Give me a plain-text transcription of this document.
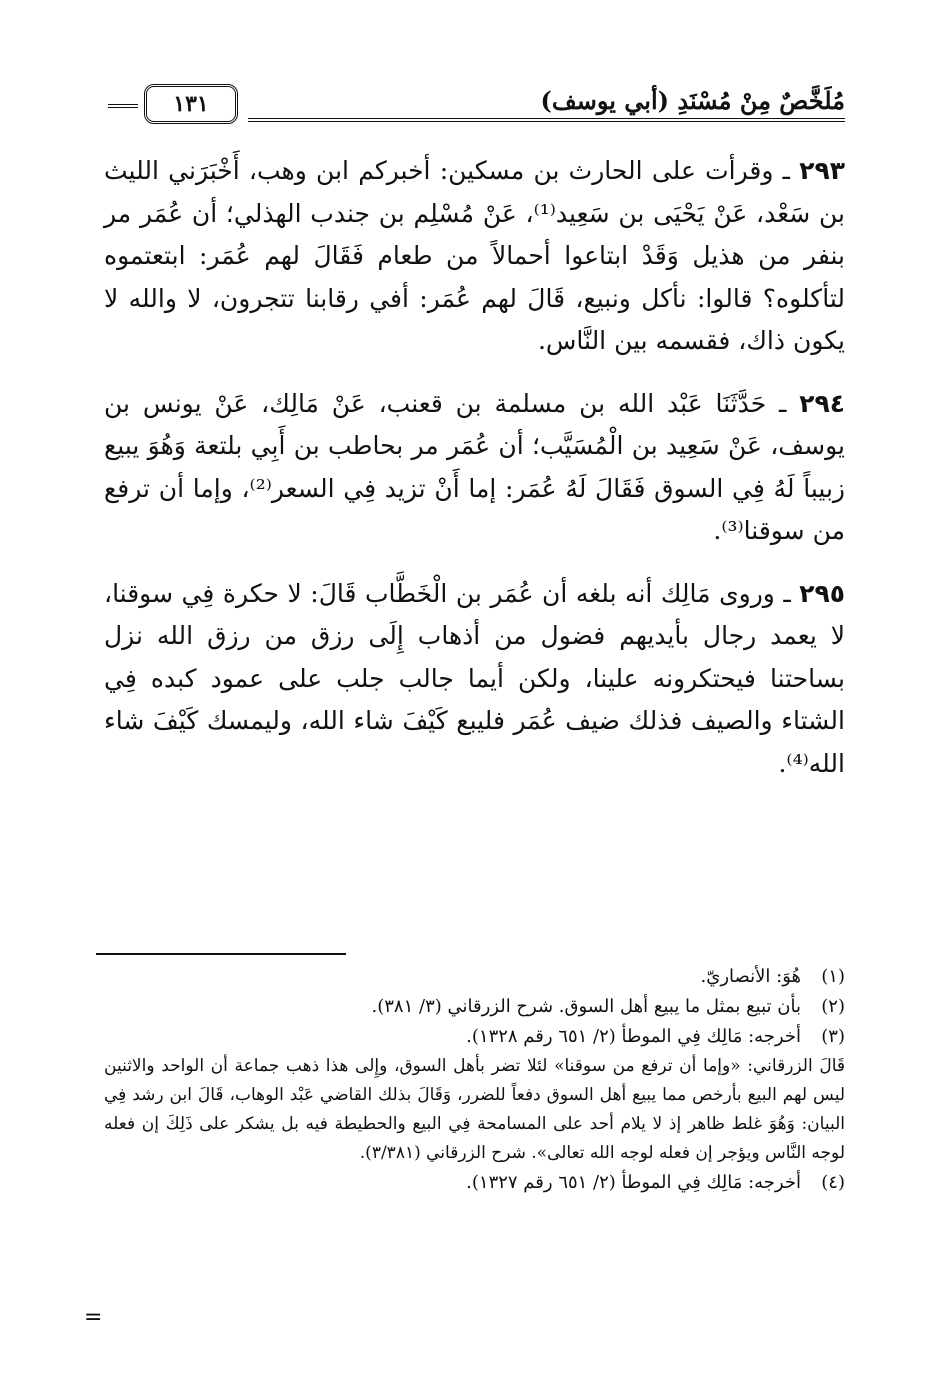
مُلَخَّصٌ مِنْ مُسْنَدِ (أبي يوسف)
١٣١

٢٩٣ ـ وقرأت على الحارث بن مسكين: أخبركم ابن وهب، أَخْبَرَني الليث بن سَعْد، عَنْ يَحْيَى بن سَعِيد⁽¹⁾، عَنْ مُسْلِم بن جندب الهذلي؛ أن عُمَر مر بنفر من هذيل وَقَدْ ابتاعوا أحمالاً من طعام فَقَالَ لهم عُمَر: ابتعتموه لتأكلوه؟ قالوا: نأكل ونبيع، قَالَ لهم عُمَر: أفي رقابنا تتجرون، لا والله لا يكون ذاك، فقسمه بين النَّاس.

٢٩٤ ـ حَدَّثَنَا عَبْد الله بن مسلمة بن قعنب، عَنْ مَالِك، عَنْ يونس بن يوسف، عَنْ سَعِيد بن الْمُسَيَّب؛ أن عُمَر مر بحاطب بن أَبِي بلتعة وَهُوَ يبيع زبيباً لَهُ فِي السوق فَقَالَ لَهُ عُمَر: إما أَنْ تزيد فِي السعر⁽²⁾، وإما أن ترفع من سوقنا⁽³⁾.

٢٩٥ ـ وروى مَالِك أنه بلغه أن عُمَر بن الْخَطَّاب قَالَ: لا حكرة فِي سوقنا، لا يعمد رجال بأيديهم فضول من أذهاب إِلَى رزق من رزق الله نزل بساحتنا فيحتكرونه علينا، ولكن أيما جالب جلب على عمود كبده فِي الشتاء والصيف فذلك ضيف عُمَر فليبع كَيْفَ شاء الله، وليمسك كَيْفَ شاء الله⁽⁴⁾.

(١)
هُوَ: الأنصاريّ.
(٢)
بأن تبيع بمثل ما يبيع أهل السوق. شرح الزرقاني (٣/ ٣٨١).
(٣)
أخرجه: مَالِك فِي الموطأ (٢/ ٦٥١ رقم ١٣٢٨).
قَالَ الزرقاني: «وإما أن ترفع من سوقنا» لئلا تضر بأهل السوق، وإِلى هذا ذهب جماعة أن الواحد والاثنين ليس لهم البيع بأرخص مما يبيع أهل السوق دفعاً للضرر، وَقَالَ بذلك القاضي عَبْد الوهاب، قَالَ ابن رشد فِي البيان: وَهُوَ غلط ظاهر إذ لا يلام أحد على المسامحة فِي البيع والحطيطة فيه بل يشكر على ذَلِكَ إن فعله لوجه النَّاس ويؤجر إن فعله لوجه الله تعالى». شرح الزرقاني (٣/٣٨١).
(٤)
أخرجه: مَالِك فِي الموطأ (٢/ ٦٥١ رقم ١٣٢٧).
=
